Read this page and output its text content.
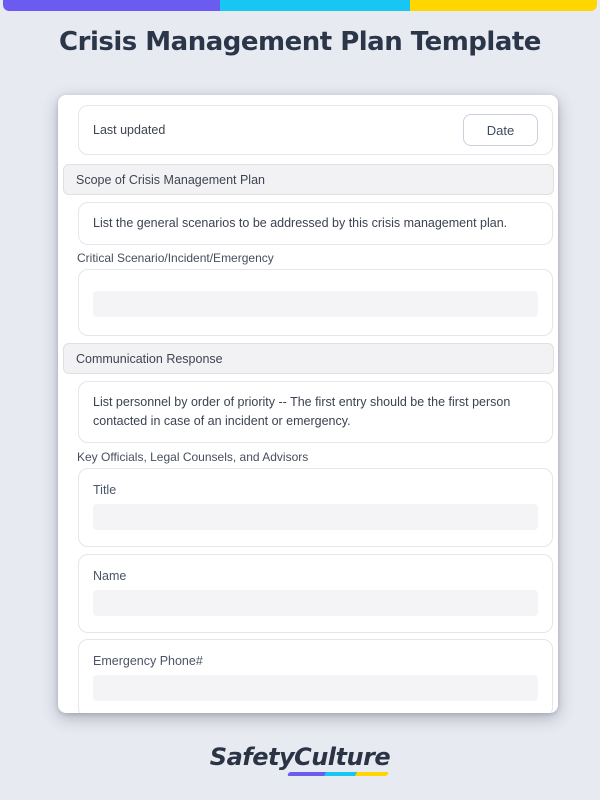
Crisis Management Plan Template
Last updated	Date
Scope of Crisis Management Plan

List the general scenarios to be addressed by this crisis management plan.

Critical Scenario/Incident/Emergency
Communication Response

List personnel by order of priority -- The first entry should be the first person contacted in case of an incident or emergency.

Key Officials, Legal Counsels, and Advisors
Title
Name
Emergency Phone#
SafetyCulture
